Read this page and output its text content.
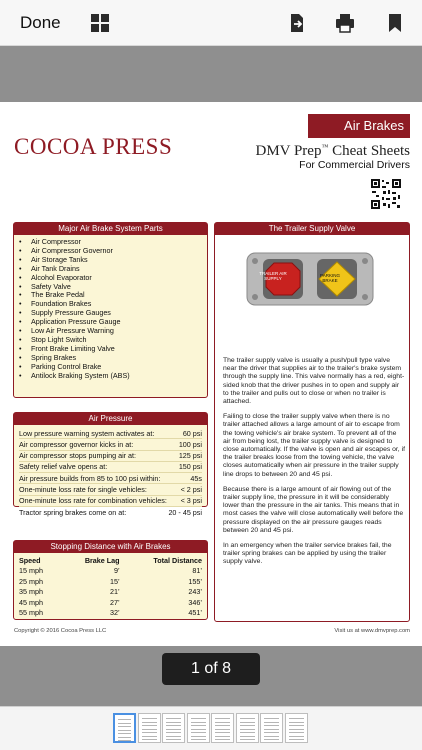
Done
Air Brakes
COCOA PRESS	DMV Prep™ Cheat Sheets
For Commercial Drivers
Major Air Brake System Parts
• Air Compressor
• Air Compressor Governor
• Air Storage Tanks
• Air Tank Drains
• Alcohol Evaporator
• Safety Valve
• The Brake Pedal
• Foundation Brakes
• Supply Pressure Gauges
• Application Pressure Gauge
• Low Air Pressure Warning
• Stop Light Switch
• Front Brake Limiting Valve
• Spring Brakes
• Parking Control Brake
• Antilock Braking System (ABS)
Air Pressure
Low pressure warning system activates at:	60 psi
Air compressor governor kicks in at:	100 psi
Air compressor stops pumping air at:	125 psi
Safety relief valve opens at:	150 psi
Air pressure builds from 85 to 100 psi within:	45s
One-minute loss rate for single vehicles:	< 2 psi
One-minute loss rate for combination vehicles: < 3 psi
Tractor spring brakes come on at:	20 - 45 psi
Stopping Distance with Air Brakes
Speed	Brake Lag	Total Distance
15 mph	9’	81’
25 mph	15’	155’
35 mph	21’	243’
45 mph	27’	346’
55 mph	32’	451’
The Trailer Supply Valve
TRAILER AIR SUPPLY
PARKING BRAKE

The trailer supply valve is usually a push/pull type valve near the driver that supplies air to the trailer's brake system through the supply line. This valve normally has a red, eight-sided knob that the driver pushes in to open and supply air to the trailer and pulls out to close or when no trailer is attached.

Failing to close the trailer supply valve when there is no trailer attached allows a large amount of air to escape from the towing vehicle's air brake system. To prevent all of the air from being lost, the trailer supply valve is designed to close automatically. If the valve is open and air escapes or, if the trailer breaks loose from the towing vehicle, the valve closes automatically when air pressure in the trailer supply line drops to between 20 and 45 psi.

Because there is a large amount of air flowing out of the trailer supply line, the pressure in it will be considerably lower than the pressure in the air tanks. This means that in most cases the valve will close automatically well before the pressure displayed on the air pressure gauges reads between 20 and 45 psi.

In an emergency when the trailer service brakes fail, the trailer spring brakes can be applied by using the trailer supply valve.

Copyright © 2016 Cocoa Press LLC	Visit us at www.dmvprep.com
1 of 8
